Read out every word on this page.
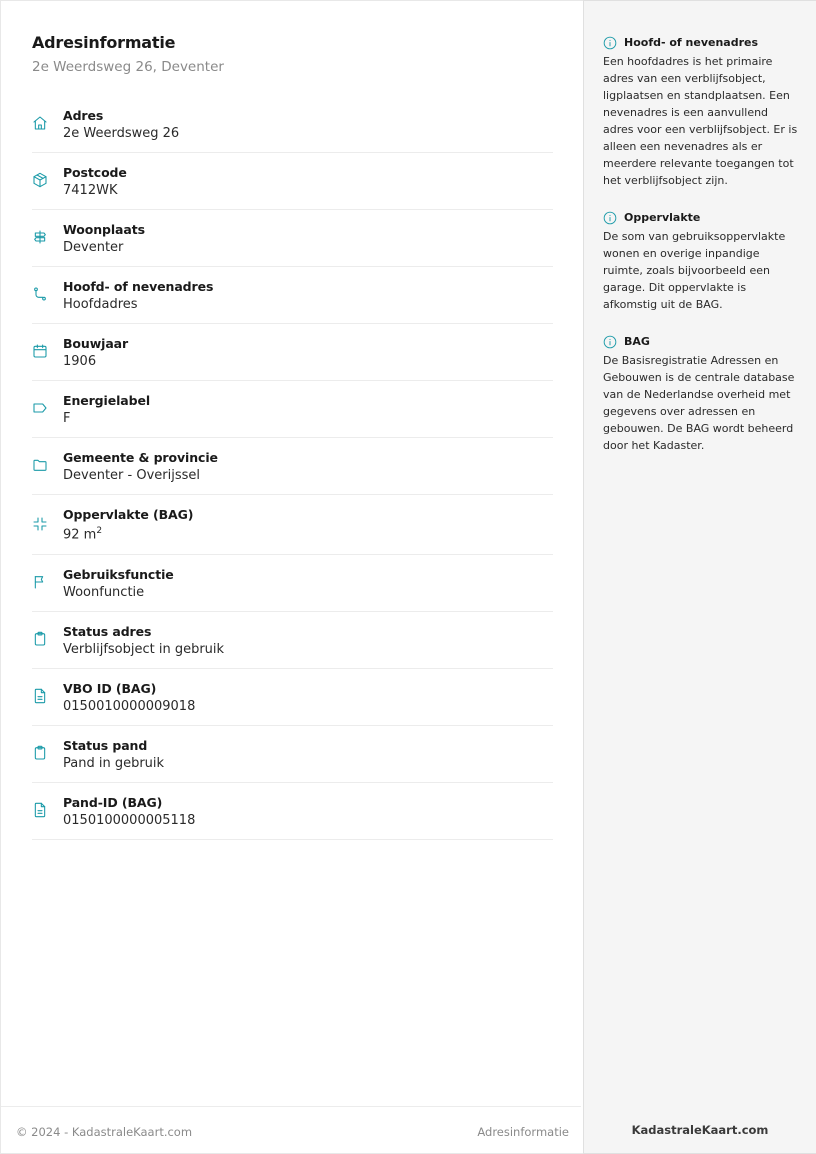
Adresinformatie
2e Weerdsweg 26, Deventer
Adres
2e Weerdsweg 26
Postcode
7412WK
Woonplaats
Deventer
Hoofd- of nevenadres
Hoofdadres
Bouwjaar
1906
Energielabel
F
Gemeente & provincie
Deventer - Overijssel
Oppervlakte (BAG)
92 $m^2$
Gebruiksfunctie
Woonfunctie
Status adres
Verblijfsobject in gebruik
VBO ID (BAG)
0150010000009018
Status pand
Pand in gebruik
Pand-ID (BAG)
0150100000005118
© 2024 - KadastraleKaart.com	Adresinformatie
Hoofd- of nevenadres
Een hoofdadres is het primaire adres van een verblijfsobject, ligplaatsen en standplaatsen. Een nevenadres is een aanvullend adres voor een verblijfsobject. Er is alleen een nevenadres als er meerdere relevante toegangen tot het verblijfsobject zijn.
Oppervlakte
De som van gebruiksoppervlakte wonen en overige inpandige ruimte, zoals bijvoorbeeld een garage. Dit oppervlakte is afkomstig uit de BAG.
BAG
De Basisregistratie Adressen en Gebouwen is de centrale database van de Nederlandse overheid met gegevens over adressen en gebouwen. De BAG wordt beheerd door het Kadaster.
KadastraleKaart.com
